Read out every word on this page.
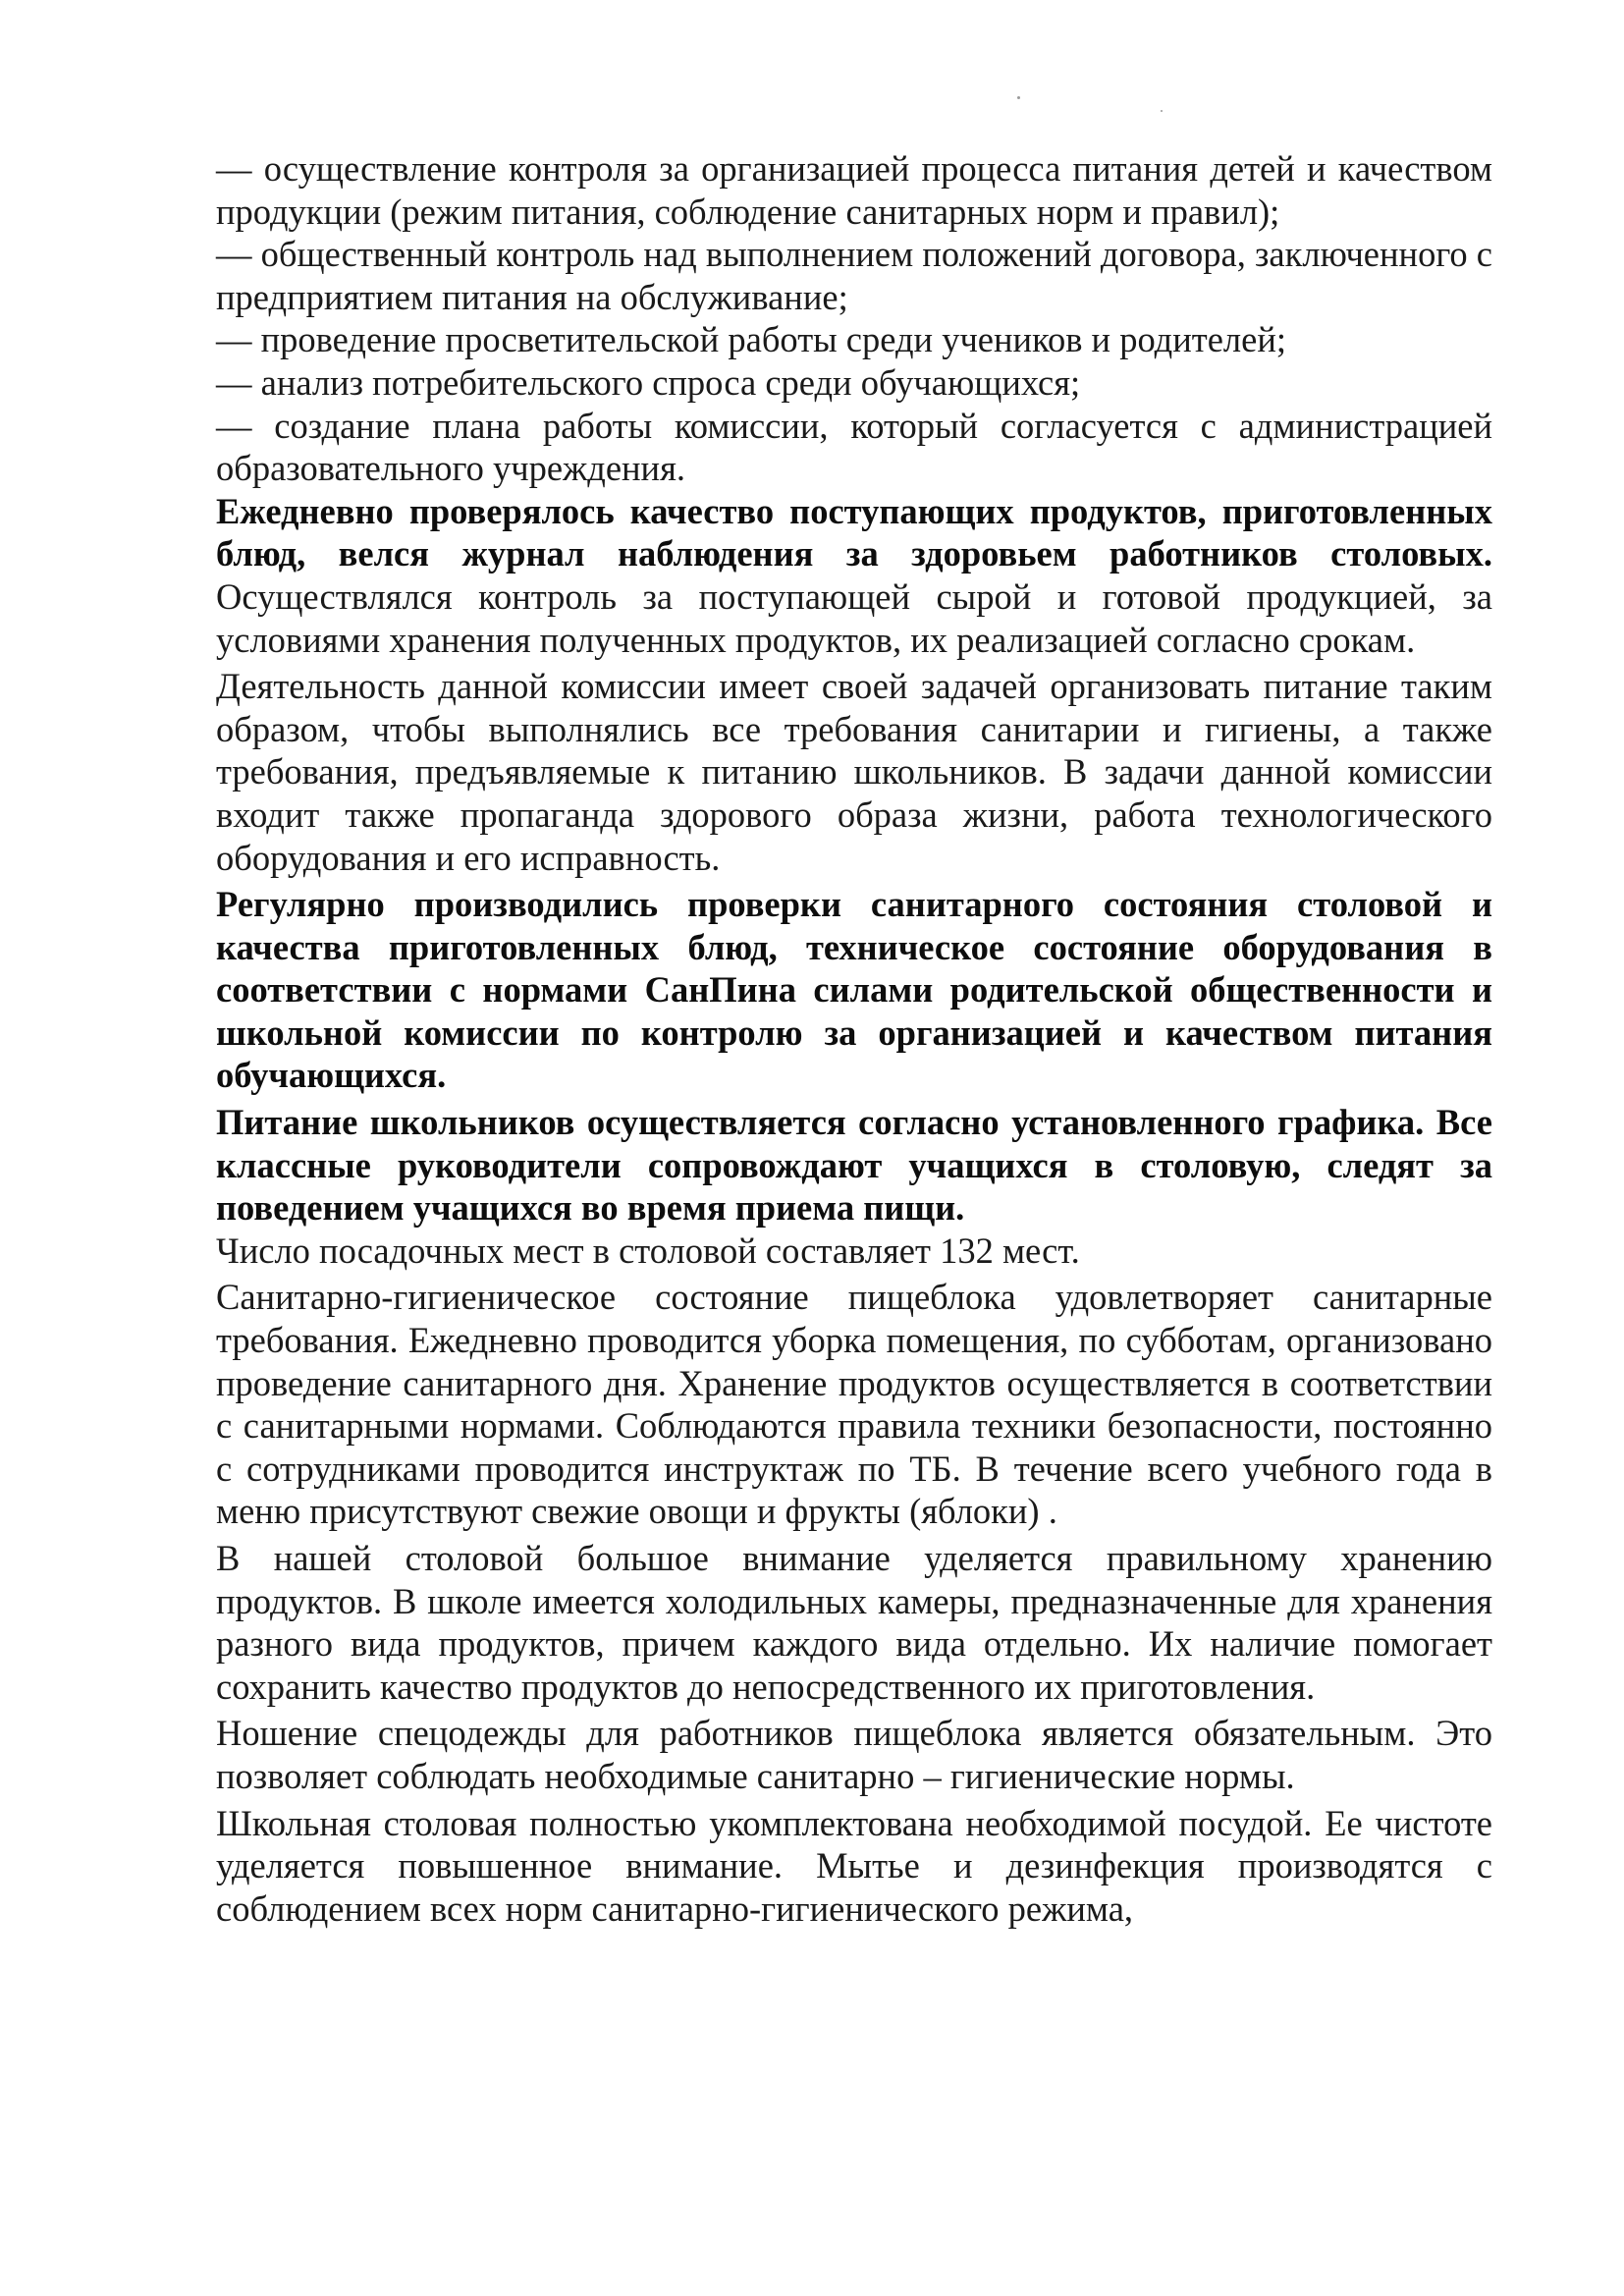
— осуществление контроля за организацией процесса питания детей и качеством продукции (режим питания, соблюдение санитарных норм и правил);

— общественный контроль над выполнением положений договора, заключенного с предприятием питания на обслуживание;

— проведение просветительской работы среди учеников и родителей;

— анализ потребительского спроса среди обучающихся;

— создание плана работы комиссии, который согласуется с администрацией образовательного учреждения.

Ежедневно проверялось качество поступающих продуктов, приготовленных блюд, велся журнал наблюдения за здоровьем работников столовых. Осуществлялся контроль за поступающей сырой и готовой продукцией, за условиями хранения полученных продуктов, их реализацией согласно срокам.

Деятельность данной комиссии имеет своей задачей организовать питание таким образом, чтобы выполнялись все требования санитарии и гигиены, а также требования, предъявляемые к питанию школьников. В задачи данной комиссии входит также пропаганда здорового образа жизни, работа технологического оборудования и его исправность.

Регулярно производились проверки санитарного состояния столовой и качества приготовленных блюд, техническое состояние оборудования в соответствии с нормами СанПина силами родительской общественности и школьной комиссии по контролю за организацией и качеством питания обучающихся.

Питание школьников осуществляется согласно установленного графика. Все классные руководители сопровождают учащихся в столовую, следят за поведением учащихся во время приема пищи.

Число посадочных мест в столовой составляет 132 мест.

Санитарно-гигиеническое состояние пищеблока удовлетворяет санитарные требования. Ежедневно проводится уборка помещения, по субботам, организовано проведение санитарного дня. Хранение продуктов осуществляется в соответствии с санитарными нормами. Соблюдаются правила техники безопасности, постоянно с сотрудниками проводится инструктаж по ТБ. В течение всего учебного года в меню присутствуют свежие овощи и фрукты (яблоки) .

В нашей столовой большое внимание уделяется правильному хранению продуктов. В школе имеется холодильных камеры, предназначенные для хранения разного вида продуктов, причем каждого вида отдельно. Их наличие помогает сохранить качество продуктов до непосредственного их приготовления.

Ношение спецодежды для работников пищеблока является обязательным. Это позволяет соблюдать необходимые санитарно – гигиенические нормы.

Школьная столовая полностью укомплектована необходимой посудой. Ее чистоте уделяется повышенное внимание. Мытье и дезинфекция производятся с соблюдением всех норм санитарно-гигиенического режима,
